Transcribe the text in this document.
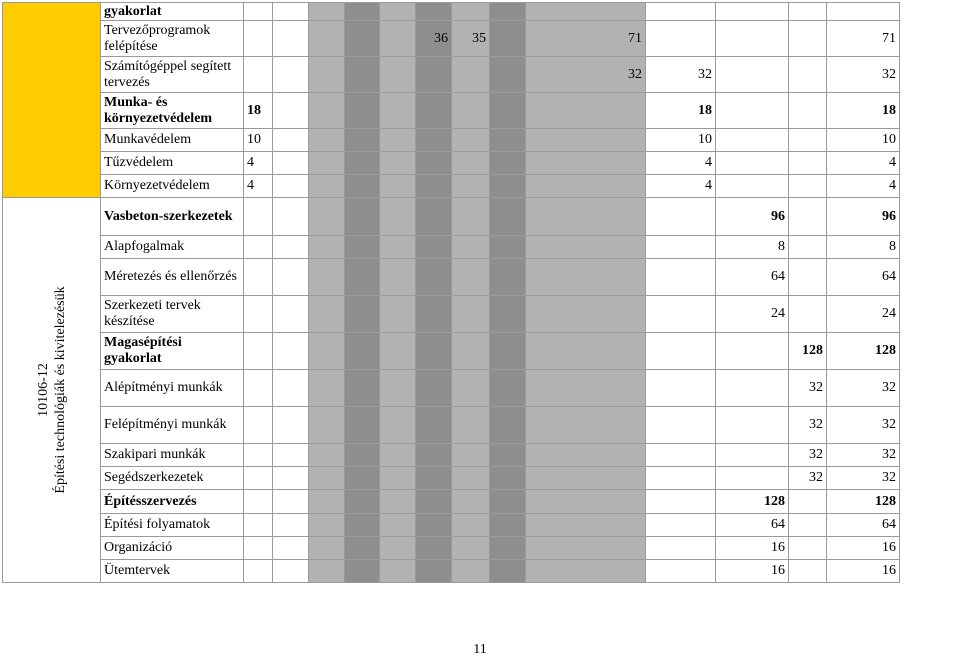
	gyakorlat													
	Tervezőprogramok felépítése						36	35		71				71
	Számítógéppel segített tervezés									32	32			32
	Munka- és környezetvédelem	18									18			18
	Munkavédelem	10									10			10
	Tűzvédelem	4									4			4
	Környezetvédelem	4									4			4

10106-12 Építési technológiák és kivitelezésük	Vasbeton-szerkezetek											96		96
	Alapfogalmak											8		8
	Méretezés és ellenőrzés											64		64
	Szerkezeti tervek készítése											24		24
	Magasépítési gyakorlat												128	128
	Alépítményi munkák												32	32
	Felépítményi munkák												32	32
	Szakipari munkák												32	32
	Segédszerkezetek												32	32
	Építésszervezés											128		128
	Építési folyamatok											64		64
	Organizáció											16		16
	Ütemtervek											16		16
11
